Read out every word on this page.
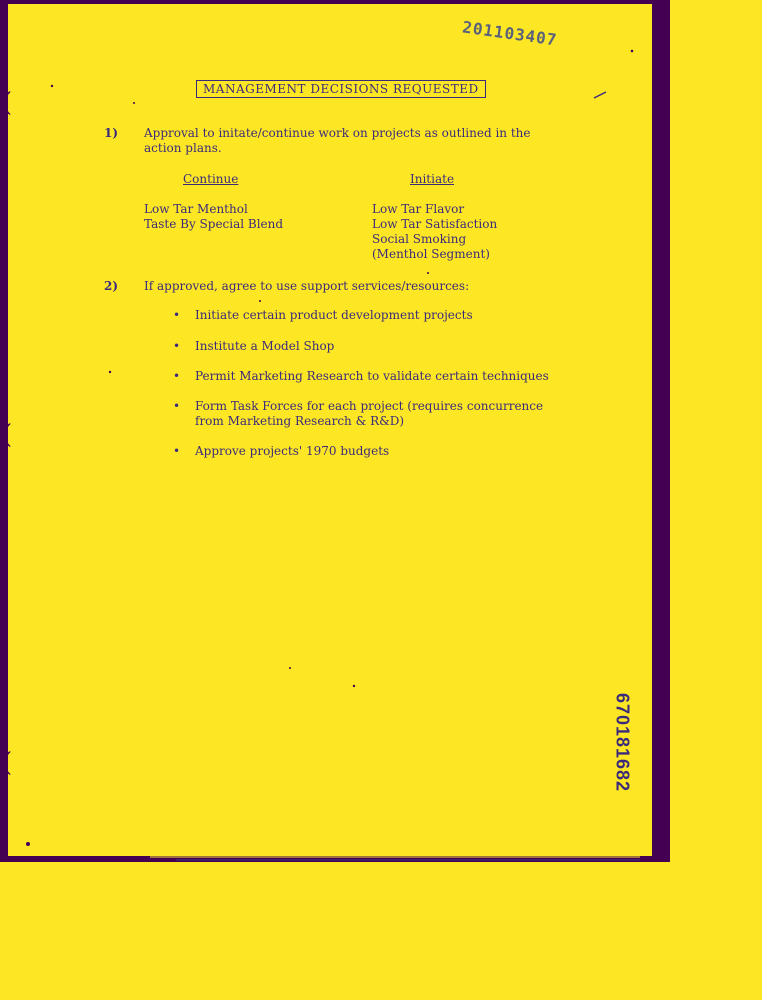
(
(
(
201103407
MANAGEMENT DECISIONS REQUESTED
1) Approval to initate/continue work on projects as outlined in the
action plans.
Continue	Initiate
Low Tar Menthol
Taste By Special Blend
Low Tar Flavor
Low Tar Satisfaction
Social Smoking
(Menthol Segment)
2) If approved, agree to use support services/resources:
• Initiate certain product development projects
• Institute a Model Shop
• Permit Marketing Research to validate certain techniques
• Form Task Forces for each project (requires concurrence
from Marketing Research & R&D)
• Approve projects' 1970 budgets
670181682
